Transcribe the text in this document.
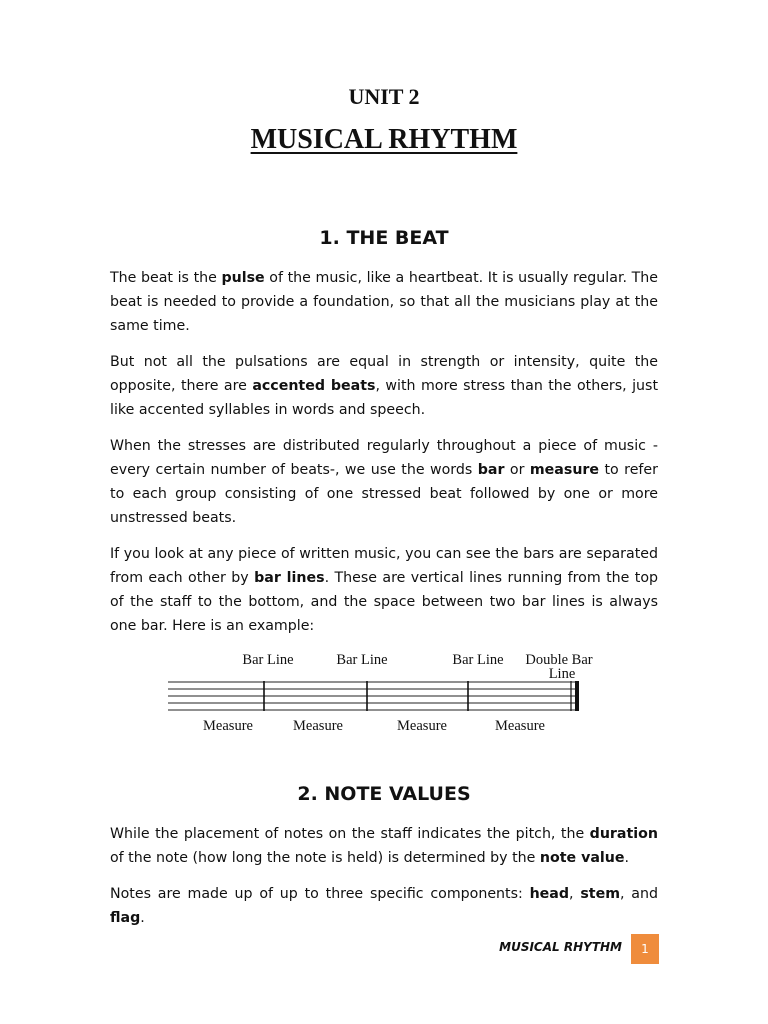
UNIT 2
MUSICAL RHYTHM
1. THE BEAT

The beat is the pulse of the music, like a heartbeat. It is usually regular. The beat is needed to provide a foundation, so that all the musicians play at the same time.

But not all the pulsations are equal in strength or intensity, quite the opposite, there are accented beats, with more stress than the others, just like accented syllables in words and speech.

When the stresses are distributed regularly throughout a piece of music - every certain number of beats-, we use the words bar or measure to refer to each group consisting of one stressed beat followed by one or more unstressed beats.

If you look at any piece of written music, you can see the bars are separated from each other by bar lines. These are vertical lines running from the top of the staff to the bottom, and the space between two bar lines is always one bar. Here is an example:

Bar Line	Bar Line	Bar Line Double Bar
Line
Measure	Measure	Measure	Measure
2. NOTE VALUES

While the placement of notes on the staff indicates the pitch, the duration of the note (how long the note is held) is determined by the note value.

Notes are made up of up to three specific components: head, stem, and flag.

MUSICAL RHYTHM	1
